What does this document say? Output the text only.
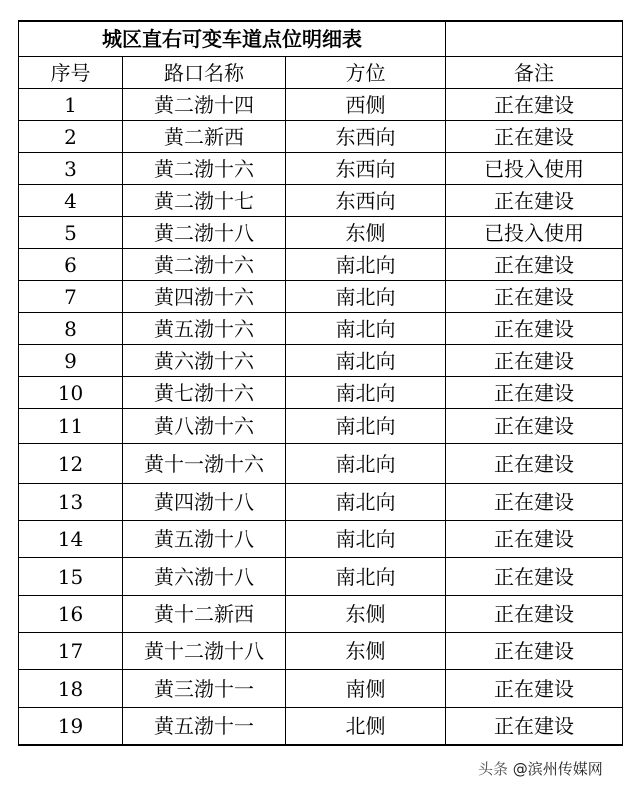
城区直右可变车道点位明细表			
序号	路口名称	方位	备注
1	黄二渤十四	西侧	正在建设
2	黄二新西	东西向	正在建设
3	黄二渤十六	东西向	已投入使用
4	黄二渤十七	东西向	正在建设
5	黄二渤十八	东侧	已投入使用
6	黄二渤十六	南北向	正在建设
7	黄四渤十六	南北向	正在建设
8	黄五渤十六	南北向	正在建设
9	黄六渤十六	南北向	正在建设
10	黄七渤十六	南北向	正在建设
11	黄八渤十六	南北向	正在建设
12	黄十一渤十六	南北向	正在建设
13	黄四渤十八	南北向	正在建设
14	黄五渤十八	南北向	正在建设
15	黄六渤十八	南北向	正在建设
16	黄十二新西	东侧	正在建设
17	黄十二渤十八	东侧	正在建设
18	黄三渤十一	南侧	正在建设
19	黄五渤十一	北侧	正在建设
头条 @滨州传媒网
